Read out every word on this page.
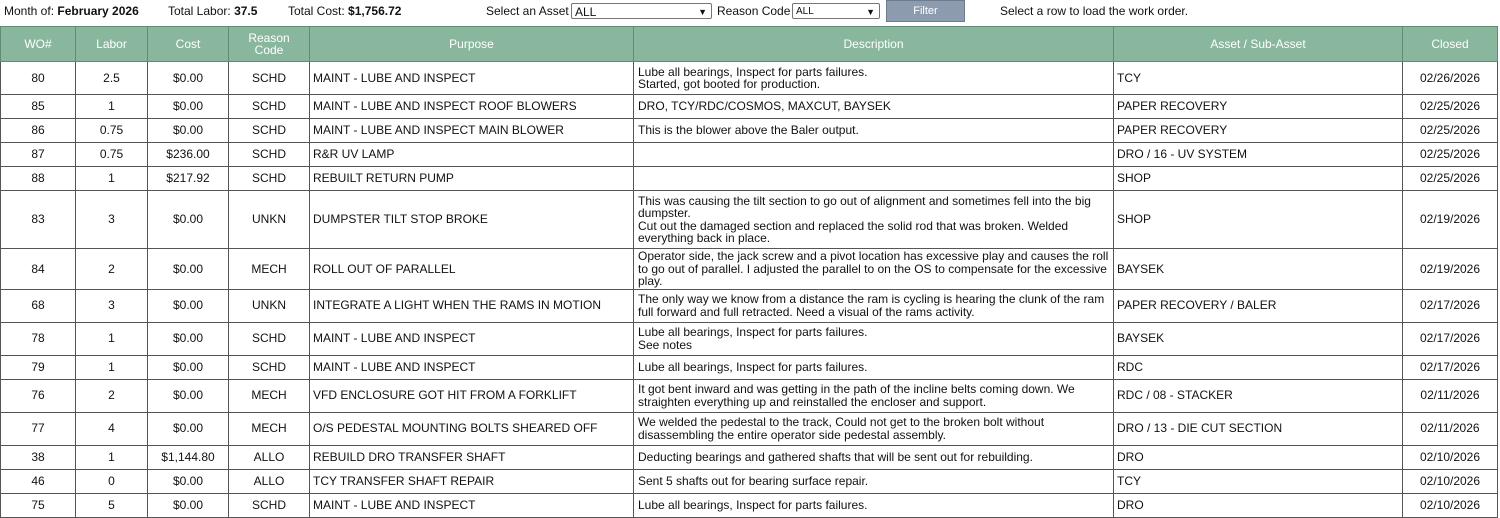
Month of: February 2026 Total Labor: 37.5	Total Cost: $1,756.72	Select an Asset ALL	▼ Reason Code ALL	▼	Filter	Select a row to load the work order.
WO#	Labor	Cost	Reason
Code	Purpose	Description	Asset / Sub-Asset	Closed
80	2.5	$0.00	SCHD	MAINT - LUBE AND INSPECT	Lube all bearings, Inspect for parts failures.
Started, got booted for production.	TCY	02/26/2026
85	1	$0.00	SCHD	MAINT - LUBE AND INSPECT ROOF BLOWERS	DRO, TCY/RDC/COSMOS, MAXCUT, BAYSEK	PAPER RECOVERY	02/25/2026
86	0.75	$0.00	SCHD	MAINT - LUBE AND INSPECT MAIN BLOWER	This is the blower above the Baler output.	PAPER RECOVERY	02/25/2026
87	0.75	$236.00	SCHD	R&R UV LAMP		DRO / 16 - UV SYSTEM	02/25/2026
88	1	$217.92	SCHD	REBUILT RETURN PUMP		SHOP	02/25/2026
83	3	$0.00	UNKN	DUMPSTER TILT STOP BROKE	This was causing the tilt section to go out of alignment and sometimes fell into the big dumpster.
Cut out the damaged section and replaced the solid rod that was broken. Welded everything back in place.	SHOP	02/19/2026
84	2	$0.00	MECH	ROLL OUT OF PARALLEL	Operator side, the jack screw and a pivot location has excessive play and causes the roll to go out of parallel. I adjusted the parallel to on the OS to compensate for the excessive play.	BAYSEK	02/19/2026
68	3	$0.00	UNKN	INTEGRATE A LIGHT WHEN THE RAMS IN MOTION	The only way we know from a distance the ram is cycling is hearing the clunk of the ram full forward and full retracted. Need a visual of the rams activity.	PAPER RECOVERY / BALER	02/17/2026
78	1	$0.00	SCHD	MAINT - LUBE AND INSPECT	Lube all bearings, Inspect for parts failures.
See notes	BAYSEK	02/17/2026
79	1	$0.00	SCHD	MAINT - LUBE AND INSPECT	Lube all bearings, Inspect for parts failures.	RDC	02/17/2026
76	2	$0.00	MECH	VFD ENCLOSURE GOT HIT FROM A FORKLIFT	It got bent inward and was getting in the path of the incline belts coming down. We straighten everything up and reinstalled the encloser and support.	RDC / 08 - STACKER	02/11/2026
77	4	$0.00	MECH	O/S PEDESTAL MOUNTING BOLTS SHEARED OFF	We welded the pedestal to the track, Could not get to the broken bolt without disassembling the entire operator side pedestal assembly.	DRO / 13 - DIE CUT SECTION	02/11/2026
38	1	$1,144.80	ALLO	REBUILD DRO TRANSFER SHAFT	Deducting bearings and gathered shafts that will be sent out for rebuilding.	DRO	02/10/2026
46	0	$0.00	ALLO	TCY TRANSFER SHAFT REPAIR	Sent 5 shafts out for bearing surface repair.	TCY	02/10/2026
75	5	$0.00	SCHD	MAINT - LUBE AND INSPECT	Lube all bearings, Inspect for parts failures.	DRO	02/10/2026
